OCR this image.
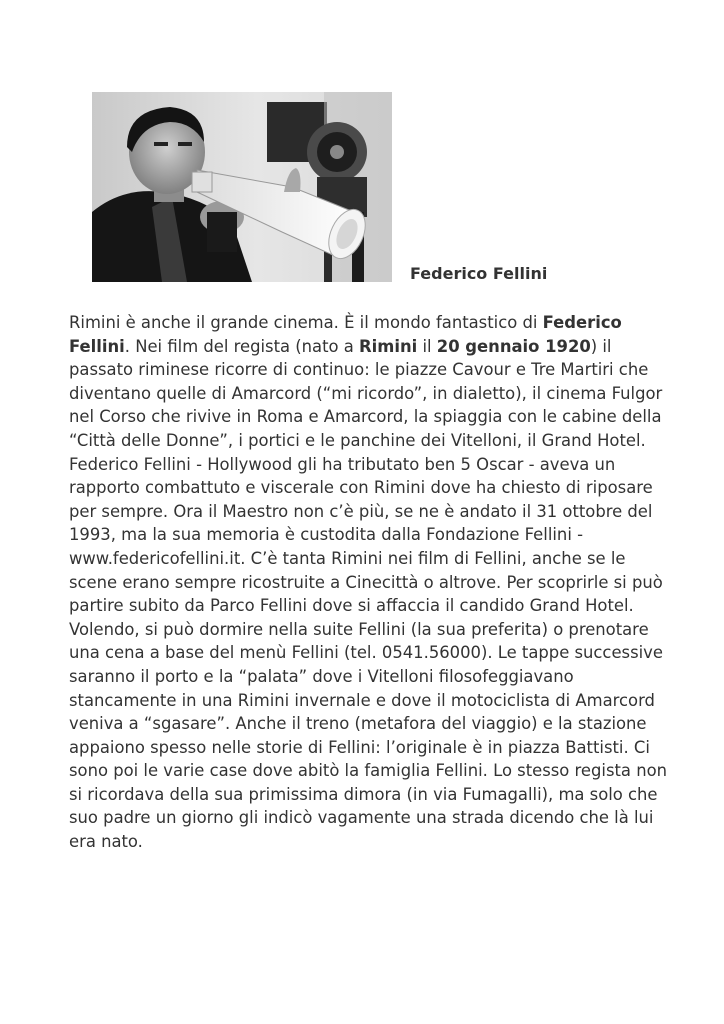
Federico Fellini

Rimini è anche il grande cinema. È il mondo fantastico di Federico Fellini. Nei film del regista (nato a Rimini il 20 gennaio 1920) il passato riminese ricorre di continuo: le piazze Cavour e Tre Martiri che diventano quelle di Amarcord (“mi ricordo”, in dialetto), il cinema Fulgor nel Corso che rivive in Roma e Amarcord, la spiaggia con le cabine della “Città delle Donne”, i portici e le panchine dei Vitelloni, il Grand Hotel. Federico Fellini - Hollywood gli ha tributato ben 5 Oscar - aveva un rapporto combattuto e viscerale con Rimini dove ha chiesto di riposare per sempre. Ora il Maestro non c’è più, se ne è andato il 31 ottobre del 1993, ma la sua memoria è custodita dalla Fondazione Fellini -www.federicofellini.it. C’è tanta Rimini nei film di Fellini, anche se le scene erano sempre ricostruite a Cinecittà o altrove. Per scoprirle si può partire subito da Parco Fellini dove si affaccia il candido Grand Hotel. Volendo, si può dormire nella suite Fellini (la sua preferita) o prenotare una cena a base del menù Fellini (tel. 0541.56000). Le tappe successive saranno il porto e la “palata” dove i Vitelloni filosofeggiavano stancamente in una Rimini invernale e dove il motociclista di Amarcord veniva a “sgasare”. Anche il treno (metafora del viaggio) e la stazione appaiono spesso nelle storie di Fellini: l’originale è in piazza Battisti. Ci sono poi le varie case dove abitò la famiglia Fellini. Lo stesso regista non si ricordava della sua primissima dimora (in via Fumagalli), ma solo che suo padre un giorno gli indicò vagamente una strada dicendo che là lui era nato.
